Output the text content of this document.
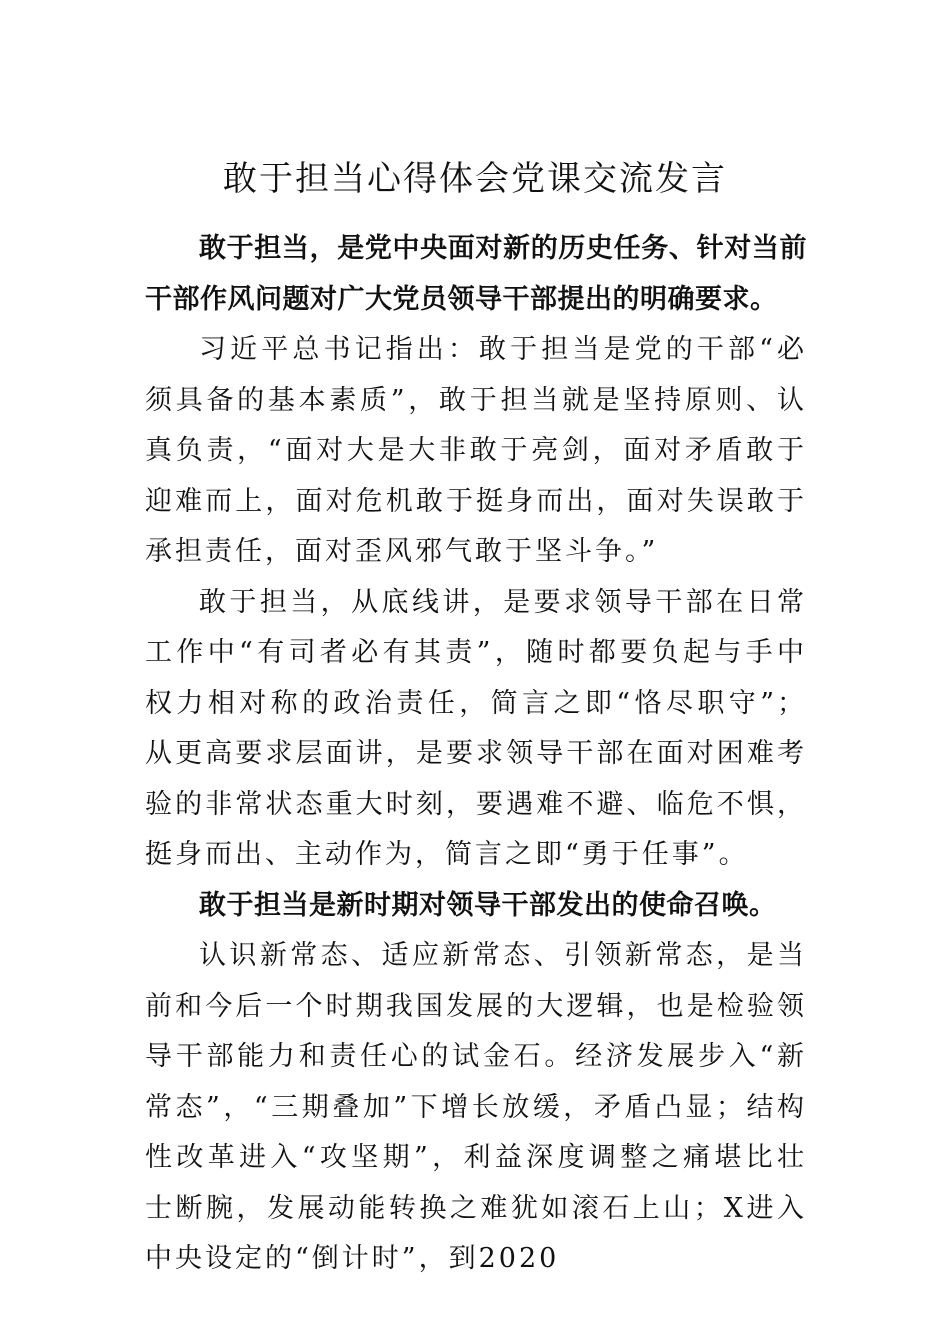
敢于担当心得体会党课交流发言

敢于担当，是党中央面对新的历史任务、针对当前干部作风问题对广大党员领导干部提出的明确要求。

习近平总书记指出：敢于担当是党的干部“必须具备的基本素质”，敢于担当就是坚持原则、认真负责，“面对大是大非敢于亮剑，面对矛盾敢于迎难而上，面对危机敢于挺身而出，面对失误敢于承担责任，面对歪风邪气敢于坚斗争。”

敢于担当，从底线讲，是要求领导干部在日常工作中“有司者必有其责”，随时都要负起与手中权力相对称的政治责任，简言之即“恪尽职守”；从更高要求层面讲，是要求领导干部在面对困难考验的非常状态重大时刻，要遇难不避、临危不惧，挺身而出、主动作为，简言之即“勇于任事”。

敢于担当是新时期对领导干部发出的使命召唤。

认识新常态、适应新常态、引领新常态，是当前和今后一个时期我国发展的大逻辑，也是检验领导干部能力和责任心的试金石。经济发展步入“新常态”，“三期叠加”下增长放缓，矛盾凸显；结构性改革进入“攻坚期”，利益深度调整之痛堪比壮士断腕，发展动能转换之难犹如滚石上山；X进入中央设定的“倒计时”，到2020
